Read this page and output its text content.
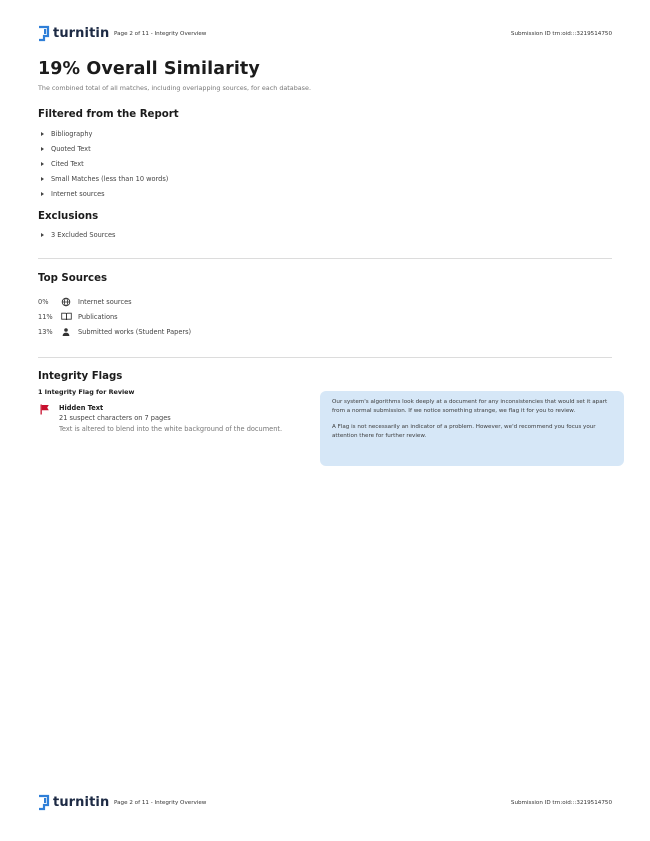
turnitin Page 2 of 11 - Integrity Overview	Submission ID trn:oid:::3219514750
19% Overall Similarity
The combined total of all matches, including overlapping sources, for each database.
Filtered from the Report
Bibliography
Quoted Text
Cited Text
Small Matches (less than 10 words)
Internet sources
Exclusions
3 Excluded Sources
Top Sources
0%	Internet sources
11%	Publications
13%	Submitted works (Student Papers)
Integrity Flags
1 Integrity Flag for Review
Hidden Text
21 suspect characters on 7 pages
Text is altered to blend into the white background of the document.

Our system's algorithms look deeply at a document for any inconsistencies that would set it apart from a normal submission. If we notice something strange, we flag it for you to review.

A Flag is not necessarily an indicator of a problem. However, we'd recommend you focus your attention there for further review.

turnitin Page 2 of 11 - Integrity Overview	Submission ID trn:oid:::3219514750
